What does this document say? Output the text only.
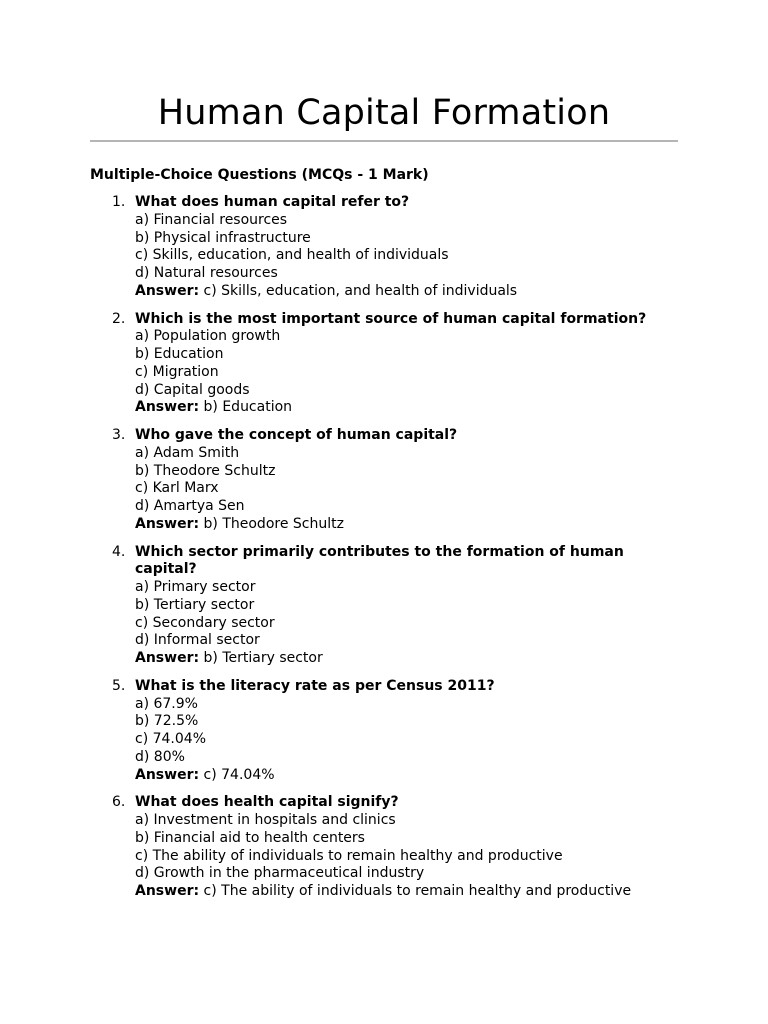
Human Capital Formation
Multiple-Choice Questions (MCQs - 1 Mark)
1. What does human capital refer to?
a) Financial resources
b) Physical infrastructure
c) Skills, education, and health of individuals
d) Natural resources
Answer: c) Skills, education, and health of individuals
2. Which is the most important source of human capital formation?
a) Population growth
b) Education
c) Migration
d) Capital goods
Answer: b) Education
3. Who gave the concept of human capital?
a) Adam Smith
b) Theodore Schultz
c) Karl Marx
d) Amartya Sen
Answer: b) Theodore Schultz
4. Which sector primarily contributes to the formation of human capital?
a) Primary sector
b) Tertiary sector
c) Secondary sector
d) Informal sector
Answer: b) Tertiary sector
5. What is the literacy rate as per Census 2011?
a) 67.9%
b) 72.5%
c) 74.04%
d) 80%
Answer: c) 74.04%
6. What does health capital signify?
a) Investment in hospitals and clinics
b) Financial aid to health centers
c) The ability of individuals to remain healthy and productive
d) Growth in the pharmaceutical industry
Answer: c) The ability of individuals to remain healthy and productive
